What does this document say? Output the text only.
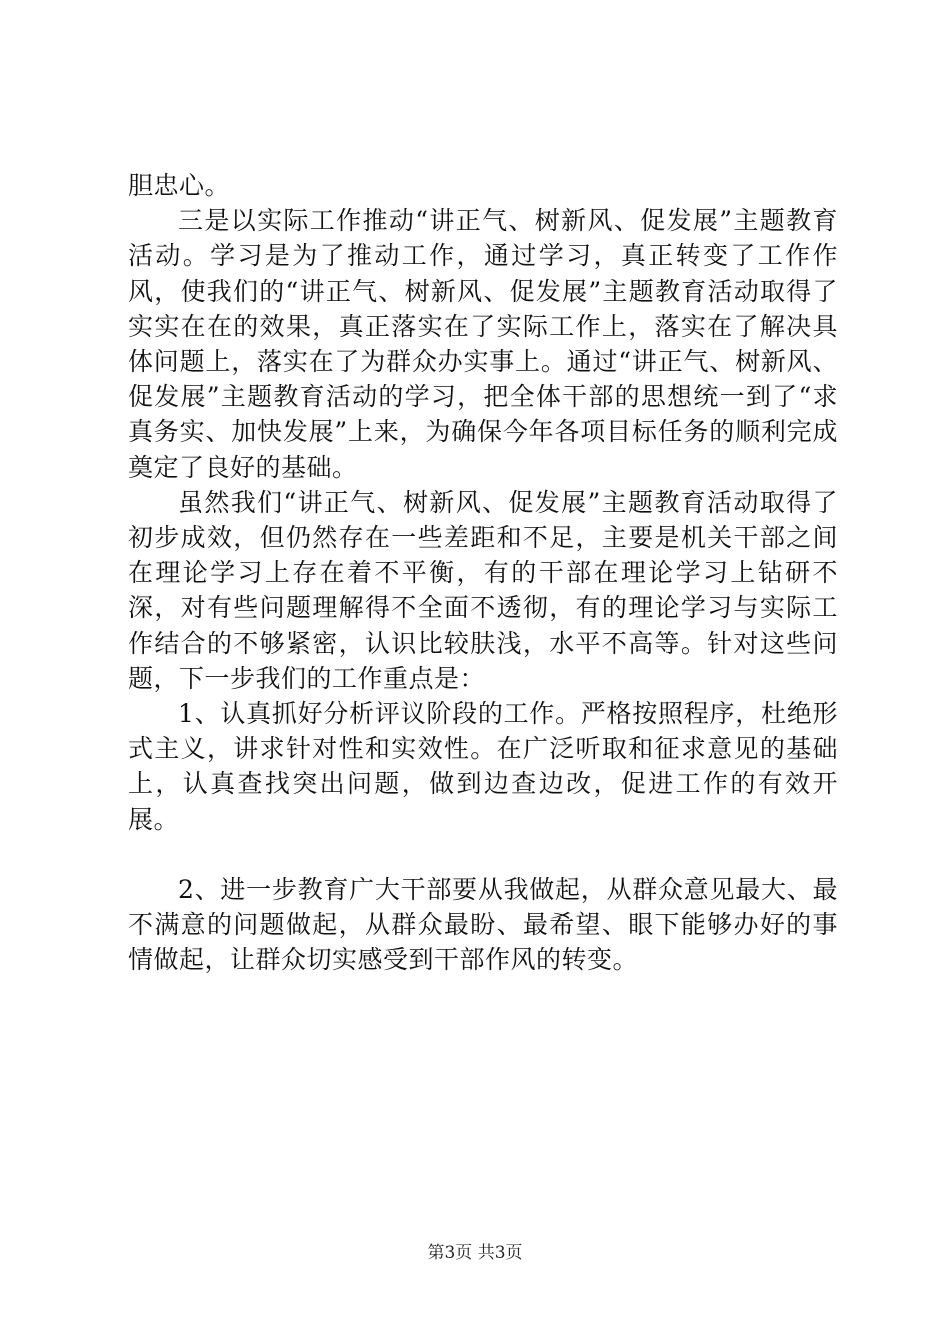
胆忠心。

三是以实际工作推动“讲正气、树新风、促发展”主题教育活动。学习是为了推动工作，通过学习，真正转变了工作作风，使我们的“讲正气、树新风、促发展”主题教育活动取得了实实在在的效果，真正落实在了实际工作上，落实在了解决具体问题上，落实在了为群众办实事上。通过“讲正气、树新风、促发展”主题教育活动的学习，把全体干部的思想统一到了“求真务实、加快发展”上来，为确保今年各项目标任务的顺利完成奠定了良好的基础。

虽然我们“讲正气、树新风、促发展”主题教育活动取得了初步成效，但仍然存在一些差距和不足，主要是机关干部之间在理论学习上存在着不平衡，有的干部在理论学习上钻研不深，对有些问题理解得不全面不透彻，有的理论学习与实际工作结合的不够紧密，认识比较肤浅，水平不高等。针对这些问题，下一步我们的工作重点是：

1、认真抓好分析评议阶段的工作。严格按照程序，杜绝形式主义，讲求针对性和实效性。在广泛听取和征求意见的基础上，认真查找突出问题，做到边查边改，促进工作的有效开展。

2、进一步教育广大干部要从我做起，从群众意见最大、最不满意的问题做起，从群众最盼、最希望、眼下能够办好的事情做起，让群众切实感受到干部作风的转变。

第3页 共3页
